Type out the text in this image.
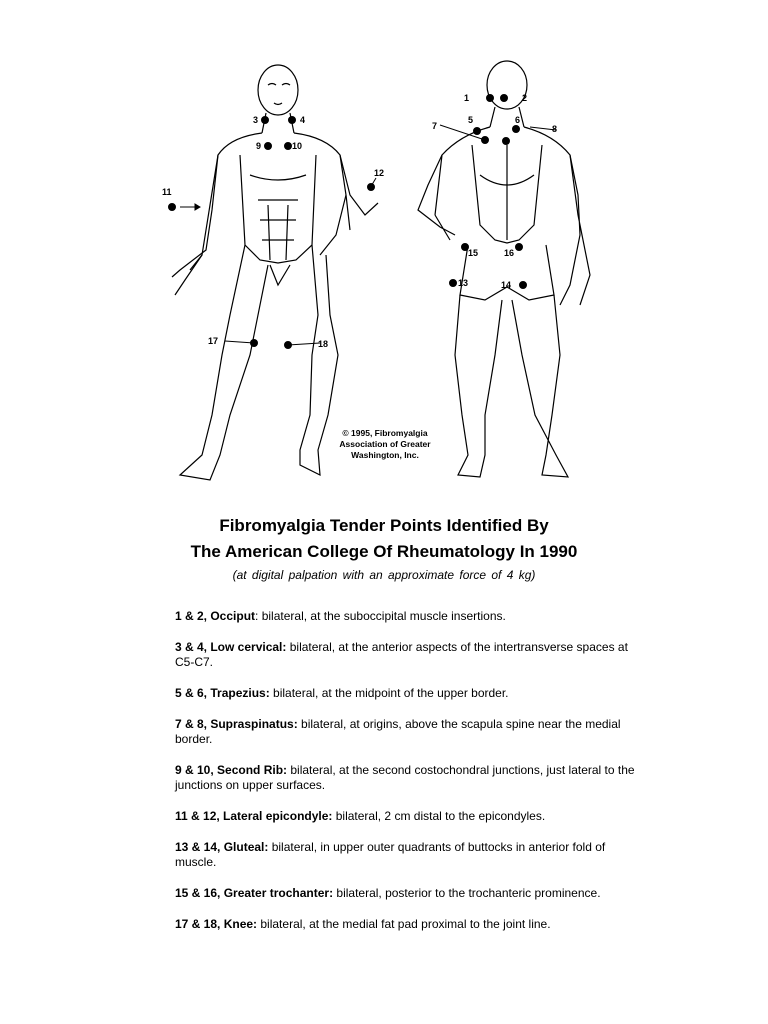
1	2
3	4	5	6
7	8
9	10
11
12
13	14
15	16
17	18
© 1995, Fibromyalgia
Association of Greater
Washington, Inc.
Fibromyalgia Tender Points Identified By
The American College Of Rheumatology In 1990
(at digital palpation with an approximate force of 4 kg)
1 & 2, Occiput: bilateral, at the suboccipital muscle insertions.
3 & 4, Low cervical: bilateral, at the anterior aspects of the intertransverse spaces at C5-C7.
5 & 6, Trapezius: bilateral, at the midpoint of the upper border.
7 & 8, Supraspinatus: bilateral, at origins, above the scapula spine near the medial border.
9 & 10, Second Rib: bilateral, at the second costochondral junctions, just lateral to the junctions on upper surfaces.
11 & 12, Lateral epicondyle: bilateral, 2 cm distal to the epicondyles.
13 & 14, Gluteal: bilateral, in upper outer quadrants of buttocks in anterior fold of muscle.
15 & 16, Greater trochanter: bilateral, posterior to the trochanteric prominence.
17 & 18, Knee: bilateral, at the medial fat pad proximal to the joint line.
